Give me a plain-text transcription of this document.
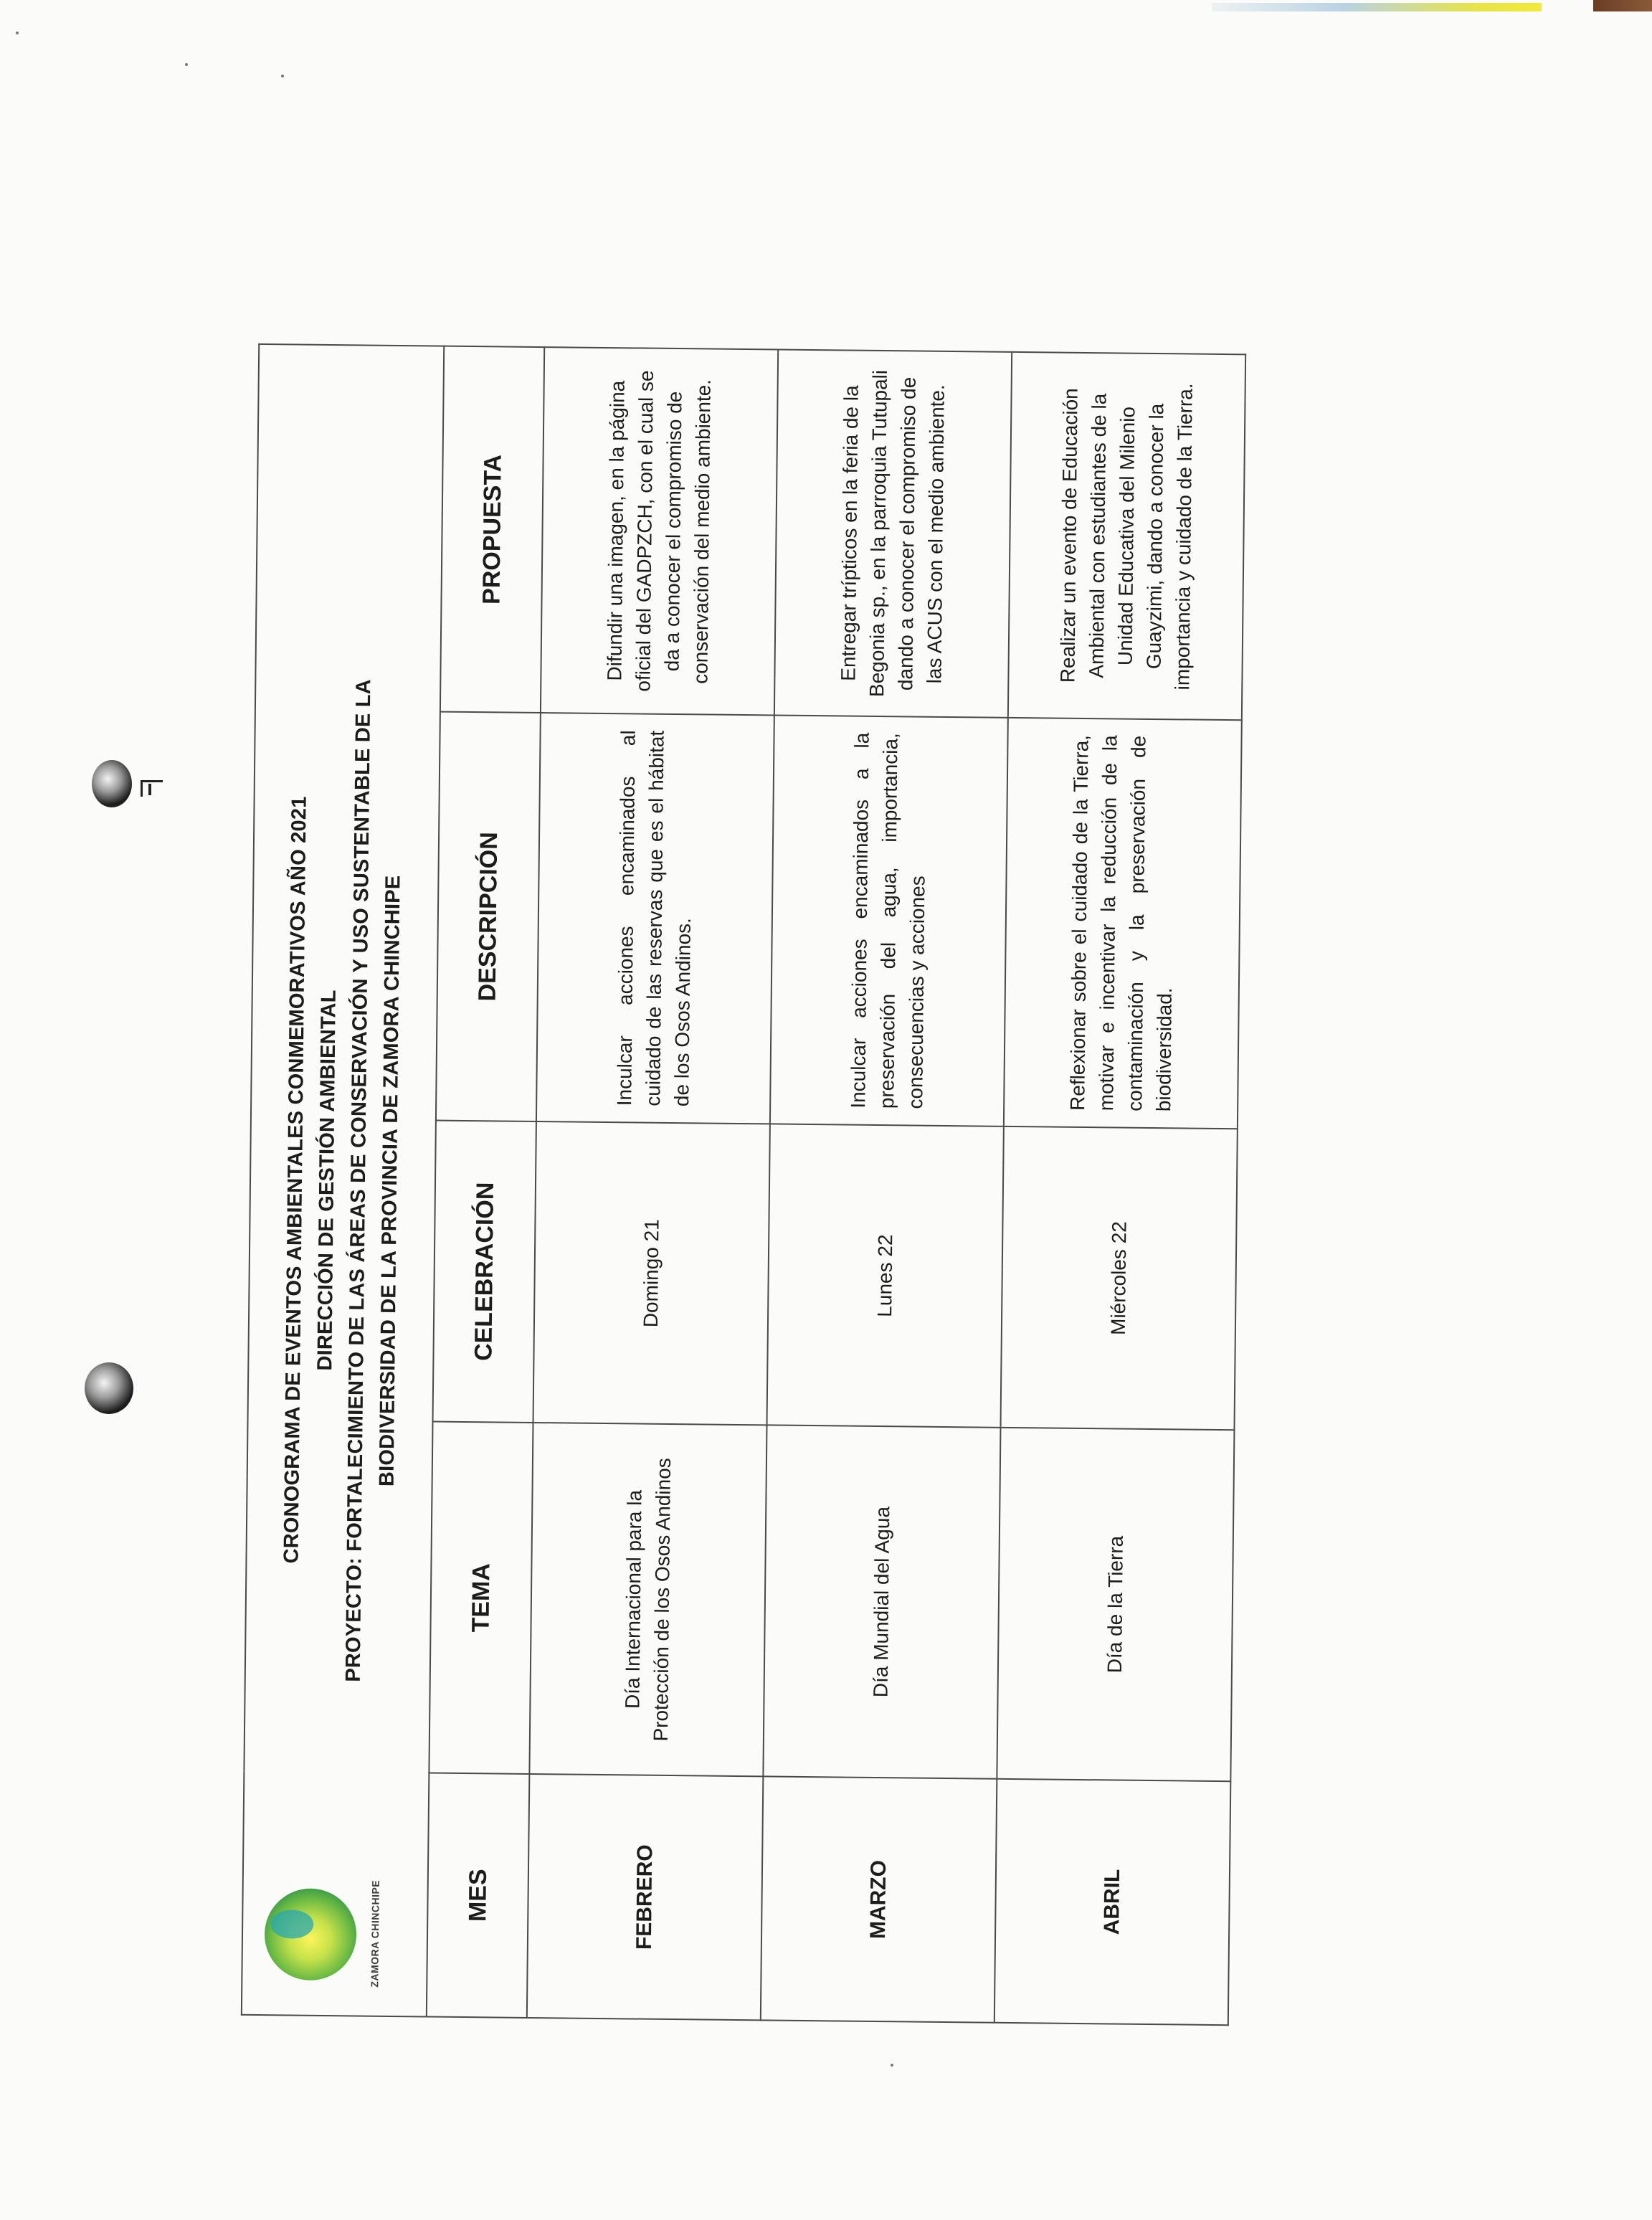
ZAMORA CHINCHIPE
CRONOGRAMA DE EVENTOS AMBIENTALES CONMEMORATIVOS AÑO 2021 DIRECCIÓN DE GESTIÓN AMBIENTAL PROYECTO: FORTALECIMIENTO DE LAS ÁREAS DE CONSERVACIÓN Y USO SUSTENTABLE DE LA BIODIVERSIDAD DE LA PROVINCIA DE ZAMORA CHINCHIPE				

MES	TEMA	CELEBRACIÓN	DESCRIPCIÓN	PROPUESTA
FEBRERO	Día Internacional para la Protección de los Osos Andinos	Domingo 21	Inculcar acciones encaminados al cuidado de las reservas que es el hábitat de los Osos Andinos.	Difundir una imagen, en la página oficial del GADPZCH, con el cual se da a conocer el compromiso de conservación del medio ambiente.
MARZO	Día Mundial del Agua	Lunes 22	Inculcar acciones encaminados a la preservación del agua, importancia, consecuencias y acciones	Entregar trípticos en la feria de la Begonia sp., en la parroquia Tutupali dando a conocer el compromiso de las ACUS con el medio ambiente.
ABRIL	Día de la Tierra	Miércoles 22	Reflexionar sobre el cuidado de la Tierra, motivar e incentivar la reducción de la contaminación y la preservación de biodiversidad.	Realizar un evento de Educación Ambiental con estudiantes de la Unidad Educativa del Milenio Guayzimi, dando a conocer la importancia y cuidado de la Tierra.
